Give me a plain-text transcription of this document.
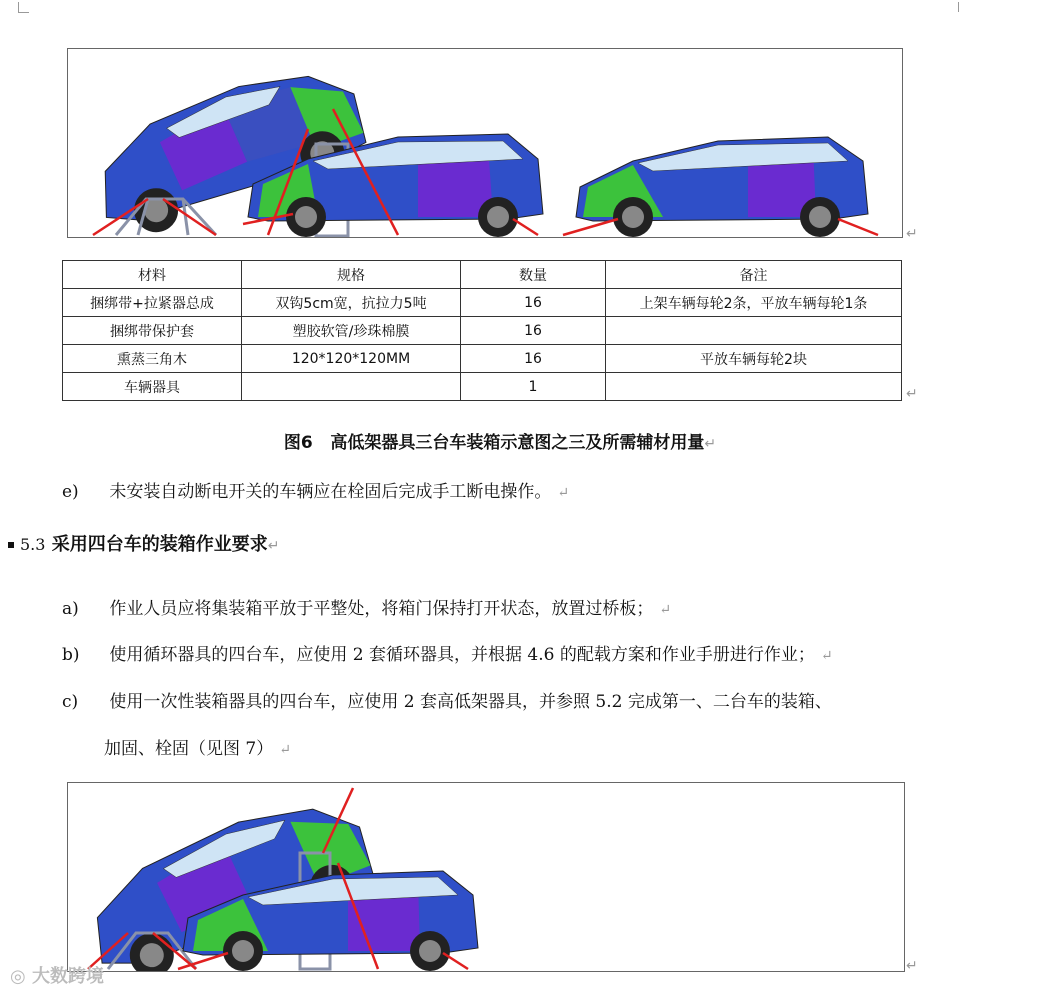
↵
材料	规格	数量	备注
捆绑带+拉紧器总成	双钩5cm宽，抗拉力5吨	16	上架车辆每轮2条，平放车辆每轮1条
捆绑带保护套	塑胶软管/珍珠棉膜	16	
熏蒸三角木	120*120*120MM	16	平放车辆每轮2块
车辆器具		1		↵
图6   高低架器具三台车装箱示意图之三及所需辅材用量↵
e) 未安装自动断电开关的车辆应在栓固后完成手工断电操作。 ↵
5.3 采用四台车的装箱作业要求↵
a) 作业人员应将集装箱平放于平整处，将箱门保持打开状态，放置过桥板； ↵
b) 使用循环器具的四台车，应使用 2 套循环器具，并根据 4.6 的配载方案和作业手册进行作业； ↵
c) 使用一次性装箱器具的四台车，应使用 2 套高低架器具，并参照 5.2 完成第一、二台车的装箱、
加固、栓固（见图 7） ↵
↵
◎ 大数跨境
